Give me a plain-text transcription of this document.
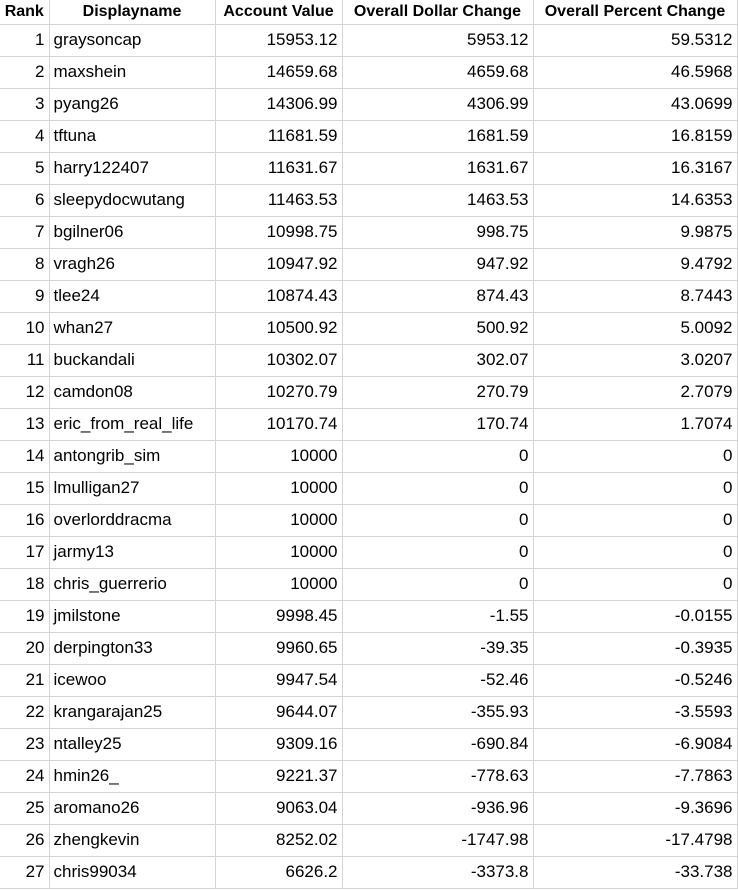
Rank	Displayname	Account Value	Overall Dollar Change	Overall Percent Change
1	graysoncap	15953.12	5953.12	59.5312
2	maxshein	14659.68	4659.68	46.5968
3	pyang26	14306.99	4306.99	43.0699
4	tftuna	11681.59	1681.59	16.8159
5	harry122407	11631.67	1631.67	16.3167
6	sleepydocwutang	11463.53	1463.53	14.6353
7	bgilner06	10998.75	998.75	9.9875
8	vragh26	10947.92	947.92	9.4792
9	tlee24	10874.43	874.43	8.7443
10	whan27	10500.92	500.92	5.0092
11	buckandali	10302.07	302.07	3.0207
12	camdon08	10270.79	270.79	2.7079
13	eric_from_real_life	10170.74	170.74	1.7074
14	antongrib_sim	10000	0	0
15	lmulligan27	10000	0	0
16	overlorddracma	10000	0	0
17	jarmy13	10000	0	0
18	chris_guerrerio	10000	0	0
19	jmilstone	9998.45	-1.55	-0.0155
20	derpington33	9960.65	-39.35	-0.3935
21	icewoo	9947.54	-52.46	-0.5246
22	krangarajan25	9644.07	-355.93	-3.5593
23	ntalley25	9309.16	-690.84	-6.9084
24	hmin26_	9221.37	-778.63	-7.7863
25	aromano26	9063.04	-936.96	-9.3696
26	zhengkevin	8252.02	-1747.98	-17.4798
27	chris99034	6626.2	-3373.8	-33.738
